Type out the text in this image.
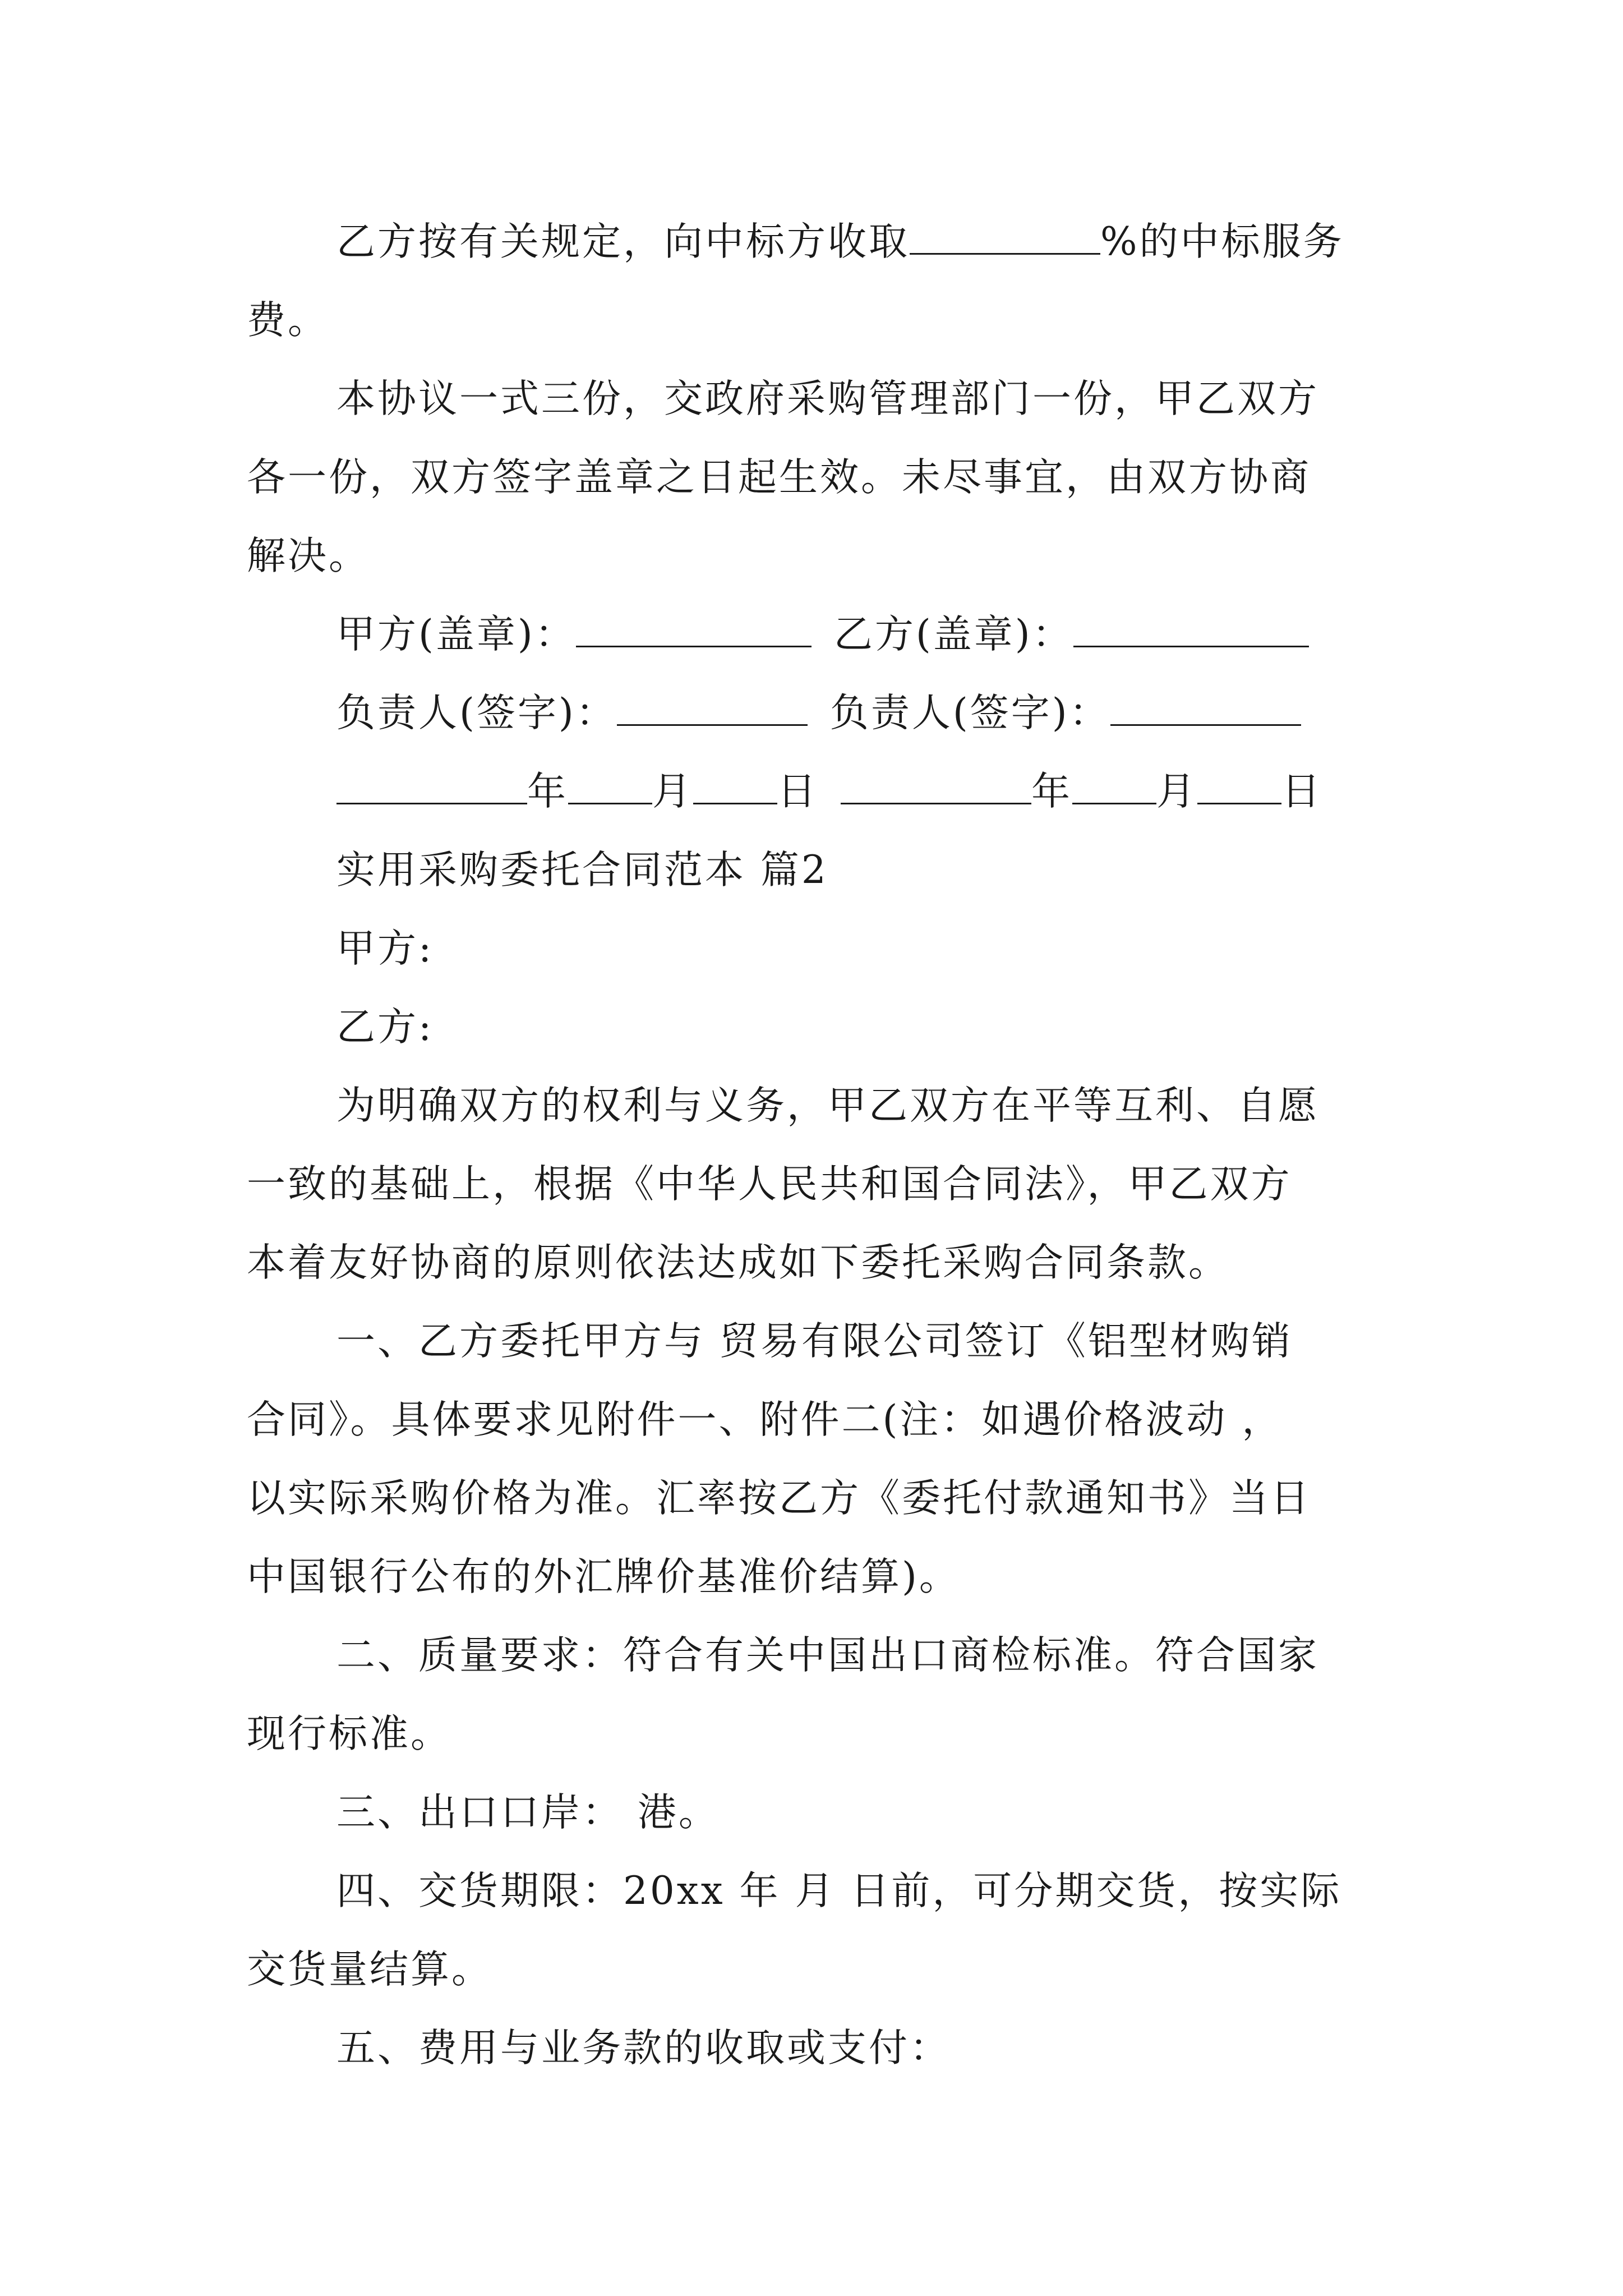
乙方按有关规定，向中标方收取	%的中标服务
费。
本协议一式三份，交政府采购管理部门一份，甲乙双方
各一份，双方签字盖章之日起生效。未尽事宜，由双方协商
解决。
甲方(盖章)：	乙方(盖章)：
负责人(签字)：	负责人(签字)：
年 月 日	年 月 日
实用采购委托合同范本 篇2
甲方:
乙方:
为明确双方的权利与义务，甲乙双方在平等互利、自愿
一致的基础上，根据《中华人民共和国合同法》，甲乙双方
本着友好协商的原则依法达成如下委托采购合同条款。
一、乙方委托甲方与 贸易有限公司签订《铝型材购销
合同》。具体要求见附件一、附件二(注：如遇价格波动 ，
以实际采购价格为准。汇率按乙方《委托付款通知书》当日
中国银行公布的外汇牌价基准价结算)。
二、质量要求：符合有关中国出口商检标准。符合国家
现行标准。
三、出口口岸： 港。
四、交货期限：20xx 年 月 日前，可分期交货，按实际
交货量结算。
五、费用与业务款的收取或支付：
